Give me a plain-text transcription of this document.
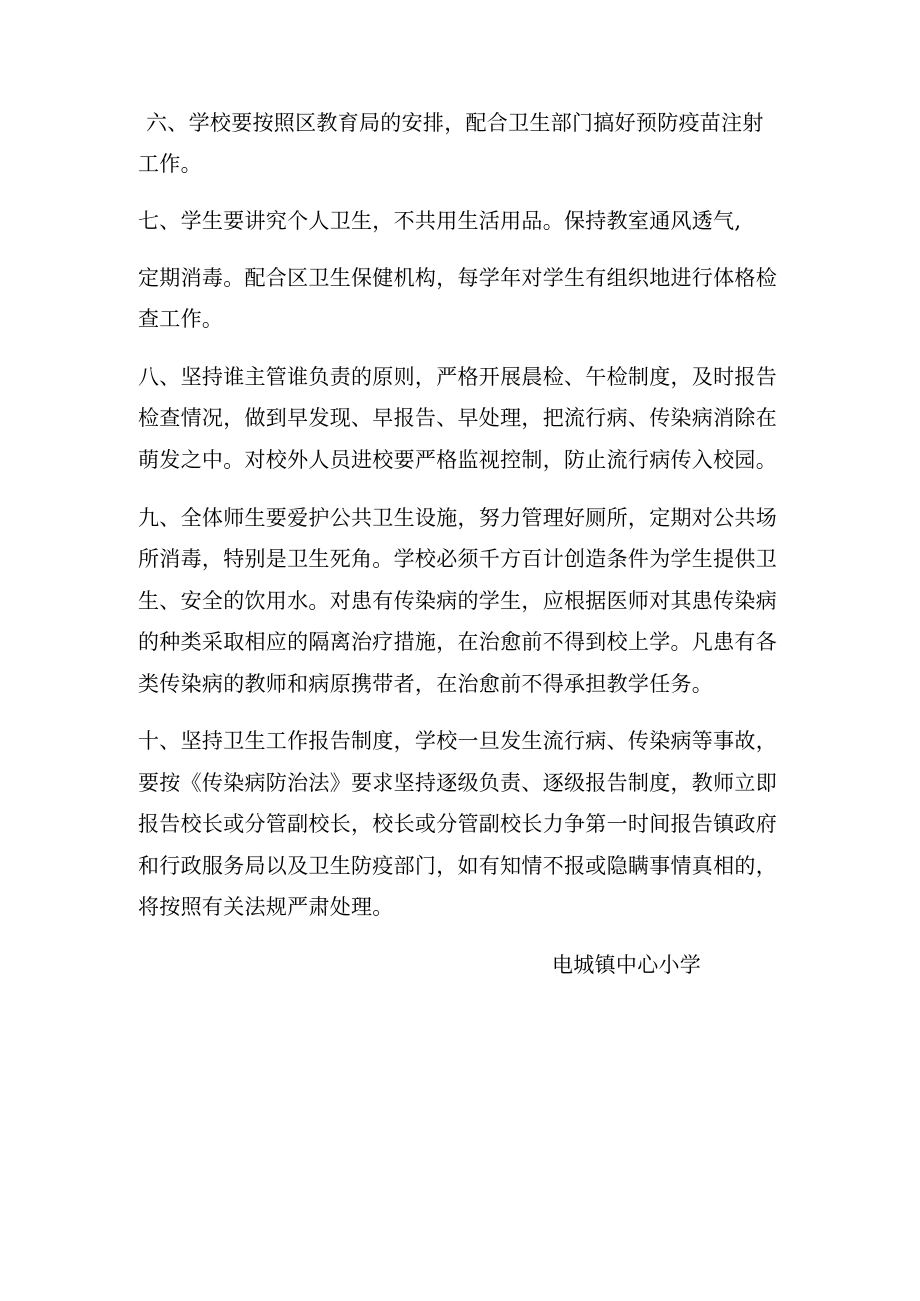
六、学校要按照区教育局的安排，配合卫生部门搞好预防疫苗注射
工作。
七、学生要讲究个人卫生，不共用生活用品。保持教室通风透气,
定期消毒。配合区卫生保健机构，每学年对学生有组织地进行体格检
查工作。
八、坚持谁主管谁负责的原则，严格开展晨检、午检制度，及时报告
检查情况，做到早发现、早报告、早处理，把流行病、传染病消除在
萌发之中。对校外人员进校要严格监视控制，防止流行病传入校园。
九、全体师生要爱护公共卫生设施，努力管理好厕所，定期对公共场
所消毒，特别是卫生死角。学校必须千方百计创造条件为学生提供卫
生、安全的饮用水。对患有传染病的学生，应根据医师对其患传染病
的种类采取相应的隔离治疗措施，在治愈前不得到校上学。凡患有各
类传染病的教师和病原携带者，在治愈前不得承担教学任务。
十、坚持卫生工作报告制度，学校一旦发生流行病、传染病等事故，
要按《传染病防治法》要求坚持逐级负责、逐级报告制度，教师立即
报告校长或分管副校长，校长或分管副校长力争第一时间报告镇政府
和行政服务局以及卫生防疫部门，如有知情不报或隐瞒事情真相的，
将按照有关法规严肃处理。
电城镇中心小学
